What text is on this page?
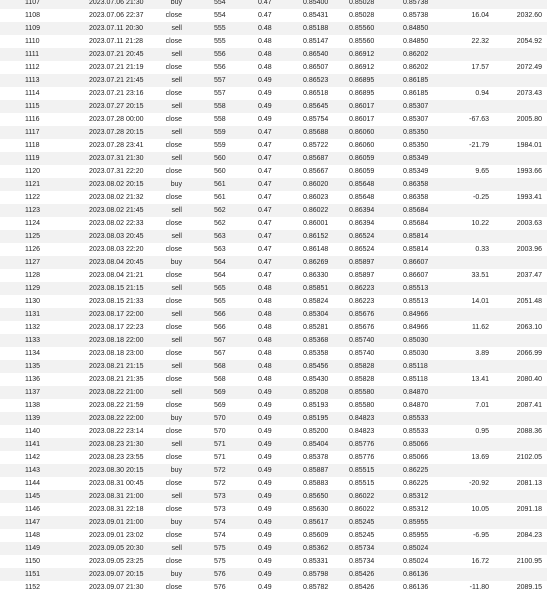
1107	2023.07.06 21:30	buy	554	0.47	0.85400	0.85028	0.85738
1108	2023.07.06 22:37	close	554	0.47	0.85431	0.85028	0.85738	16.04	2032.60
1109	2023.07.11 20:30	sell	555	0.48	0.85188	0.85560	0.84850
1110	2023.07.11 21:28	close	555	0.48	0.85147	0.85560	0.84850	22.32	2054.92
1111	2023.07.21 20:45	sell	556	0.48	0.86540	0.86912	0.86202
1112	2023.07.21 21:19	close	556	0.48	0.86507	0.86912	0.86202	17.57	2072.49
1113	2023.07.21 21:45	sell	557	0.49	0.86523	0.86895	0.86185
1114	2023.07.21 23:16	close	557	0.49	0.86518	0.86895	0.86185	0.94	2073.43
1115	2023.07.27 20:15	sell	558	0.49	0.85645	0.86017	0.85307
1116	2023.07.28 00:00	close	558	0.49	0.85754	0.86017	0.85307	-67.63	2005.80
1117	2023.07.28 20:15	sell	559	0.47	0.85688	0.86060	0.85350
1118	2023.07.28 23:41	close	559	0.47	0.85722	0.86060	0.85350	-21.79	1984.01
1119	2023.07.31 21:30	sell	560	0.47	0.85687	0.86059	0.85349
1120	2023.07.31 22:20	close	560	0.47	0.85667	0.86059	0.85349	9.65	1993.66
1121	2023.08.02 20:15	buy	561	0.47	0.86020	0.85648	0.86358
1122	2023.08.02 21:32	close	561	0.47	0.86023	0.85648	0.86358	-0.25	1993.41
1123	2023.08.02 21:45	sell	562	0.47	0.86022	0.86394	0.85684
1124	2023.08.02 22:33	close	562	0.47	0.86001	0.86394	0.85684	10.22	2003.63
1125	2023.08.03 20:45	sell	563	0.47	0.86152	0.86524	0.85814
1126	2023.08.03 22:20	close	563	0.47	0.86148	0.86524	0.85814	0.33	2003.96
1127	2023.08.04 20:45	buy	564	0.47	0.86269	0.85897	0.86607
1128	2023.08.04 21:21	close	564	0.47	0.86330	0.85897	0.86607	33.51	2037.47
1129	2023.08.15 21:15	sell	565	0.48	0.85851	0.86223	0.85513
1130	2023.08.15 21:33	close	565	0.48	0.85824	0.86223	0.85513	14.01	2051.48
1131	2023.08.17 22:00	sell	566	0.48	0.85304	0.85676	0.84966
1132	2023.08.17 22:23	close	566	0.48	0.85281	0.85676	0.84966	11.62	2063.10
1133	2023.08.18 22:00	sell	567	0.48	0.85368	0.85740	0.85030
1134	2023.08.18 23:00	close	567	0.48	0.85358	0.85740	0.85030	3.89	2066.99
1135	2023.08.21 21:15	sell	568	0.48	0.85456	0.85828	0.85118
1136	2023.08.21 21:35	close	568	0.48	0.85430	0.85828	0.85118	13.41	2080.40
1137	2023.08.22 21:00	sell	569	0.49	0.85208	0.85580	0.84870
1138	2023.08.22 21:59	close	569	0.49	0.85193	0.85580	0.84870	7.01	2087.41
1139	2023.08.22 22:00	buy	570	0.49	0.85195	0.84823	0.85533
1140	2023.08.22 23:14	close	570	0.49	0.85200	0.84823	0.85533	0.95	2088.36
1141	2023.08.23 21:30	sell	571	0.49	0.85404	0.85776	0.85066
1142	2023.08.23 23:55	close	571	0.49	0.85378	0.85776	0.85066	13.69	2102.05
1143	2023.08.30 20:15	buy	572	0.49	0.85887	0.85515	0.86225
1144	2023.08.31 00:45	close	572	0.49	0.85883	0.85515	0.86225	-20.92	2081.13
1145	2023.08.31 21:00	sell	573	0.49	0.85650	0.86022	0.85312
1146	2023.08.31 22:18	close	573	0.49	0.85630	0.86022	0.85312	10.05	2091.18
1147	2023.09.01 21:00	buy	574	0.49	0.85617	0.85245	0.85955
1148	2023.09.01 23:02	close	574	0.49	0.85609	0.85245	0.85955	-6.95	2084.23
1149	2023.09.05 20:30	sell	575	0.49	0.85362	0.85734	0.85024
1150	2023.09.05 23:25	close	575	0.49	0.85331	0.85734	0.85024	16.72	2100.95
1151	2023.09.07 20:15	buy	576	0.49	0.85798	0.85426	0.86136
1152	2023.09.07 21:30	close	576	0.49	0.85782	0.85426	0.86136	-11.80	2089.15
